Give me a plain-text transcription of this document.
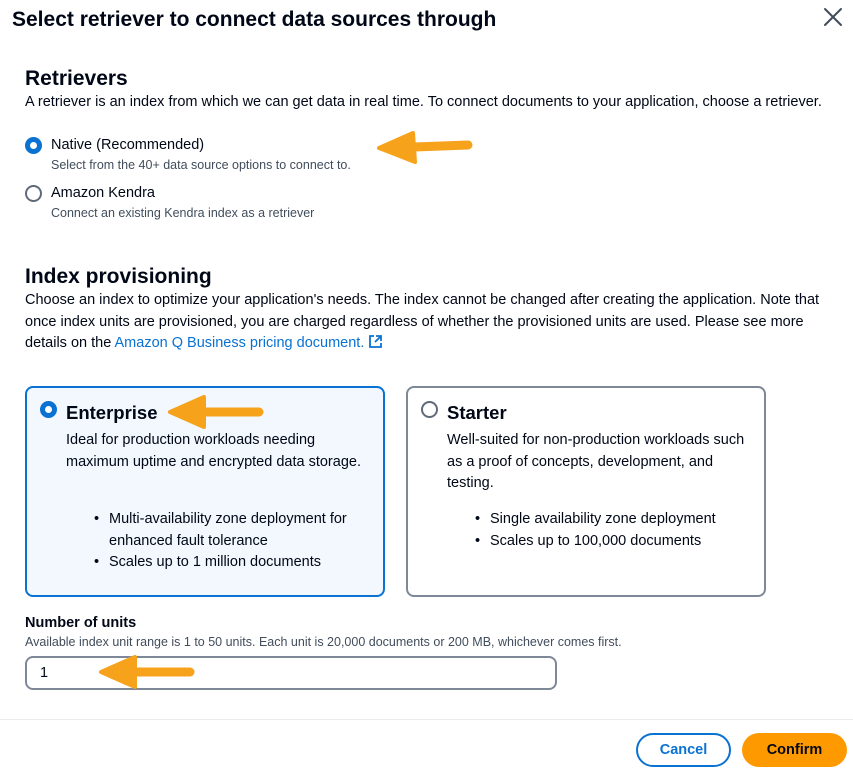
Select retriever to connect data sources through
Retrievers
A retriever is an index from which we can get data in real time. To connect documents to your application, choose a retriever.
Native (Recommended)
Select from the 40+ data source options to connect to.
Amazon Kendra
Connect an existing Kendra index as a retriever
Index provisioning
Choose an index to optimize your application's needs. The index cannot be changed after creating the application. Note that once index units are provisioned, you are charged regardless of whether the provisioned units are used. Please see more details on the Amazon Q Business pricing document.
Enterprise
Ideal for production workloads needing maximum uptime and encrypted data storage.
• Multi-availability zone deployment for enhanced fault tolerance
• Scales up to 1 million documents
Starter
Well-suited for non-production workloads such as a proof of concepts, development, and testing.
• Single availability zone deployment
• Scales up to 100,000 documents
Number of units
Available index unit range is 1 to 50 units. Each unit is 20,000 documents or 200 MB, whichever comes first.
1
Cancel	Confirm
